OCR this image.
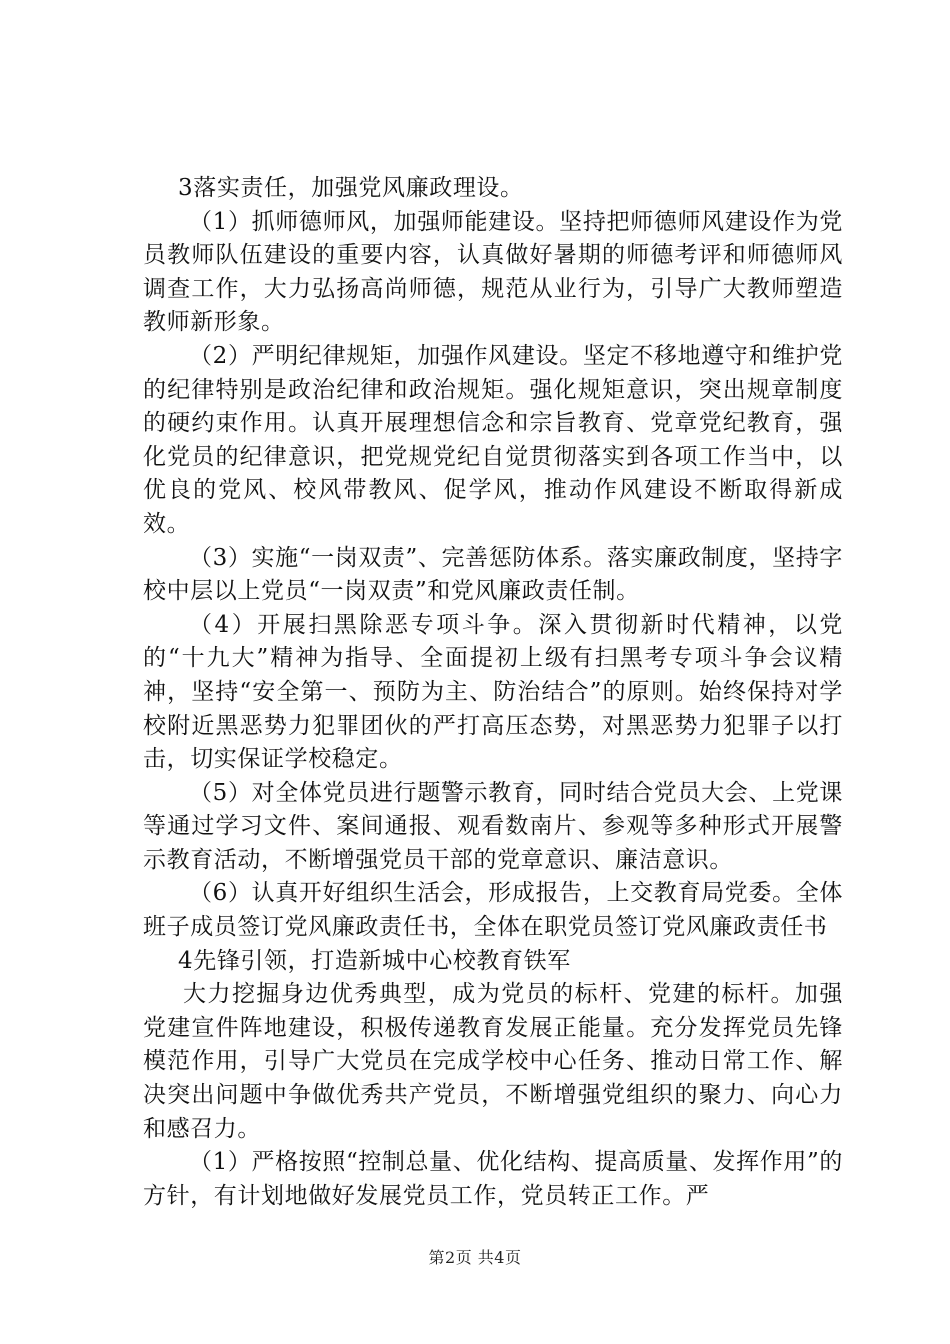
3落实责任，加强党风廉政理设。

（1）抓师德师风，加强师能建设。坚持把师德师风建设作为党员教师队伍建设的重要内容，认真做好暑期的师德考评和师德师风调查工作，大力弘扬高尚师德，规范从业行为，引导广大教师塑造教师新形象。

（2）严明纪律规矩，加强作风建设。坚定不移地遵守和维护党的纪律特别是政治纪律和政治规矩。强化规矩意识，突出规章制度的硬约束作用。认真开展理想信念和宗旨教育、党章党纪教育，强化党员的纪律意识，把党规党纪自觉贯彻落实到各项工作当中，以优良的党风、校风带教风、促学风，推动作风建设不断取得新成效。

（3）实施“一岗双责”、完善惩防体系。落实廉政制度，坚持字校中层以上党员“一岗双责”和党风廉政责任制。

（4）开展扫黑除恶专项斗争。深入贯彻新时代精神，以党的“十九大”精神为指导、全面提初上级有扫黑考专项斗争会议精神，坚持“安全第一、预防为主、防治结合”的原则。始终保持对学校附近黑恶势力犯罪团伙的严打高压态势，对黑恶势力犯罪子以打击，切实保证学校稳定。

（5）对全体党员进行题警示教育，同时结合党员大会、上党课等通过学习文件、案间通报、观看数南片、参观等多种形式开展警示教育活动，不断增强党员干部的党章意识、廉洁意识。

（6）认真开好组织生活会，形成报告，上交教育局党委。全体班子成员签订党风廉政责任书，全体在职党员签订党风廉政责任书

4先锋引领，打造新城中心校教育铁军

大力挖掘身边优秀典型，成为党员的标杆、党建的标杆。加强党建宣件阵地建设，积极传递教育发展正能量。充分发挥党员先锋模范作用，引导广大党员在完成学校中心任务、推动日常工作、解决突出问题中争做优秀共产党员，不断增强党组织的聚力、向心力和感召力。

（1）严格按照“控制总量、优化结构、提高质量、发挥作用”的方针，有计划地做好发展党员工作，党员转正工作。严

第2页 共4页
